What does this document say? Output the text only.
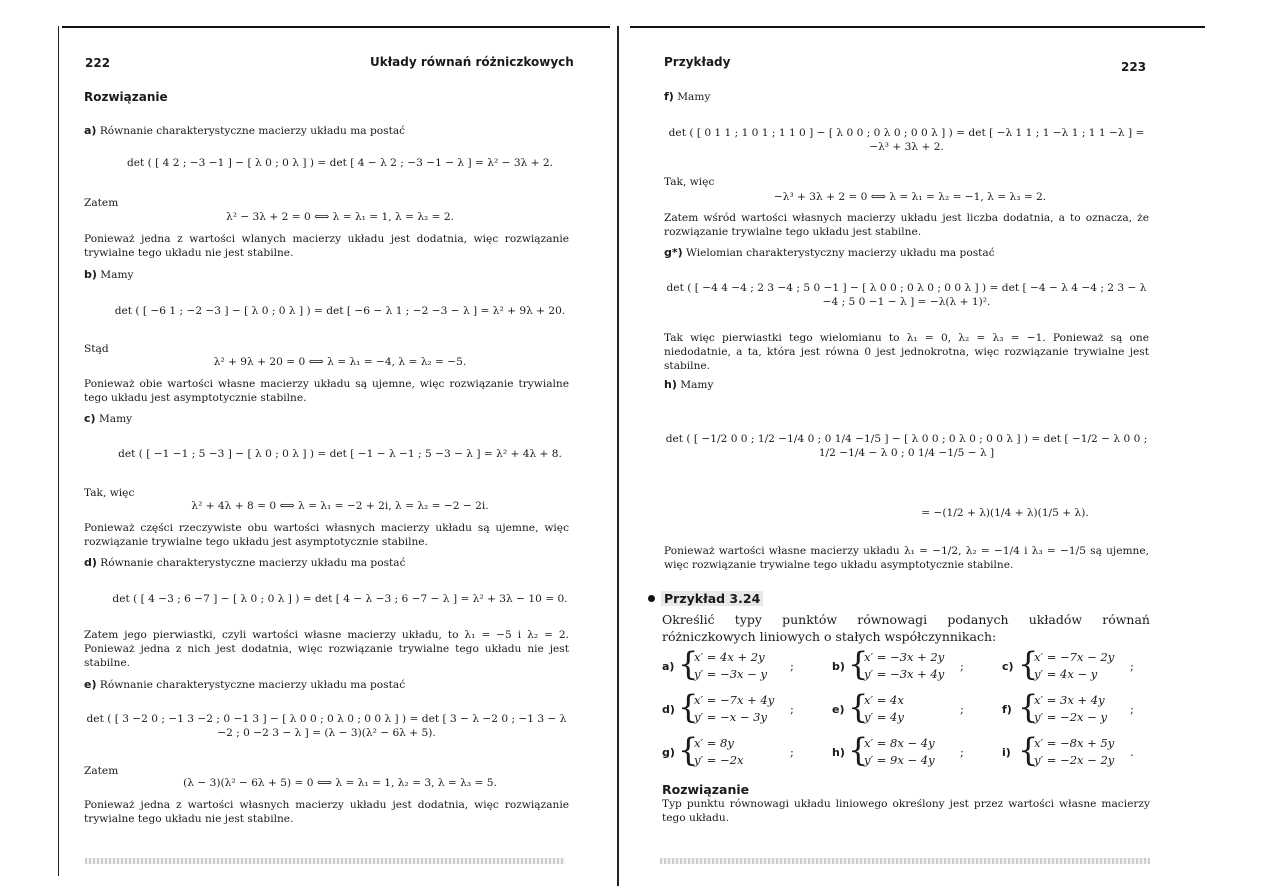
222	Układy równań różniczkowych
Rozwiązanie
a) Równanie charakterystyczne macierzy układu ma postać
det ( [ 4 2 ; −3 −1 ] − [ λ 0 ; 0 λ ] ) = det [ 4 − λ 2 ; −3 −1 − λ ] = λ² − 3λ + 2.
Zatem
λ² − 3λ + 2 = 0 ⟺ λ = λ₁ = 1, λ = λ₂ = 2.
Ponieważ jedna z wartości wlanych macierzy układu jest dodatnia, więc rozwiązanie trywialne tego układu nie jest stabilne.
b) Mamy
det ( [ −6 1 ; −2 −3 ] − [ λ 0 ; 0 λ ] ) = det [ −6 − λ 1 ; −2 −3 − λ ] = λ² + 9λ + 20.
Stąd
λ² + 9λ + 20 = 0 ⟺ λ = λ₁ = −4, λ = λ₂ = −5.
Ponieważ obie wartości własne macierzy układu są ujemne, więc rozwiązanie trywialne tego układu jest asymptotycznie stabilne.
c) Mamy
det ( [ −1 −1 ; 5 −3 ] − [ λ 0 ; 0 λ ] ) = det [ −1 − λ −1 ; 5 −3 − λ ] = λ² + 4λ + 8.
Tak, więc
λ² + 4λ + 8 = 0 ⟺ λ = λ₁ = −2 + 2i, λ = λ₂ = −2 − 2i.
Ponieważ części rzeczywiste obu wartości własnych macierzy układu są ujemne, więc rozwiązanie trywialne tego układu jest asymptotycznie stabilne.
d) Równanie charakterystyczne macierzy układu ma postać
det ( [ 4 −3 ; 6 −7 ] − [ λ 0 ; 0 λ ] ) = det [ 4 − λ −3 ; 6 −7 − λ ] = λ² + 3λ − 10 = 0.
Zatem jego pierwiastki, czyli wartości własne macierzy układu, to λ₁ = −5 i λ₂ = 2. Ponieważ jedna z nich jest dodatnia, więc rozwiązanie trywialne tego układu nie jest stabilne.
e) Równanie charakterystyczne macierzy układu ma postać
det ( [ 3 −2 0 ; −1 3 −2 ; 0 −1 3 ] − [ λ 0 0 ; 0 λ 0 ; 0 0 λ ] ) = det [ 3 − λ −2 0 ; −1 3 − λ −2 ; 0 −2 3 − λ ] = (λ − 3)(λ² − 6λ + 5).
Zatem
(λ − 3)(λ² − 6λ + 5) = 0 ⟺ λ = λ₁ = 1, λ₂ = 3, λ = λ₃ = 5.
Ponieważ jedna z wartości własnych macierzy układu jest dodatnia, więc rozwiązanie trywialne tego układu nie jest stabilne.
Przykłady	223
f) Mamy
det ( [ 0 1 1 ; 1 0 1 ; 1 1 0 ] − [ λ 0 0 ; 0 λ 0 ; 0 0 λ ] ) = det [ −λ 1 1 ; 1 −λ 1 ; 1 1 −λ ] = −λ³ + 3λ + 2.
Tak, więc
−λ³ + 3λ + 2 = 0 ⟺ λ = λ₁ = λ₂ = −1, λ = λ₃ = 2.
Zatem wśród wartości własnych macierzy układu jest liczba dodatnia, a to oznacza, że rozwiązanie trywialne tego układu jest stabilne.
g*) Wielomian charakterystyczny macierzy układu ma postać
det ( [ −4 4 −4 ; 2 3 −4 ; 5 0 −1 ] − [ λ 0 0 ; 0 λ 0 ; 0 0 λ ] ) = det [ −4 − λ 4 −4 ; 2 3 − λ −4 ; 5 0 −1 − λ ] = −λ(λ + 1)².
Tak więc pierwiastki tego wielomianu to λ₁ = 0, λ₂ = λ₃ = −1. Ponieważ są one niedodatnie, a ta, która jest równa 0 jest jednokrotna, więc rozwiązanie trywialne jest stabilne.
h) Mamy
det ( [ −1/2 0 0 ; 1/2 −1/4 0 ; 0 1/4 −1/5 ] − [ λ 0 0 ; 0 λ 0 ; 0 0 λ ] ) = det [ −1/2 − λ 0 0 ; 1/2 −1/4 − λ 0 ; 0 1/4 −1/5 − λ ]
= −(1/2 + λ)(1/4 + λ)(1/5 + λ).
Ponieważ wartości własne macierzy układu λ₁ = −1/2, λ₂ = −1/4 i λ₃ = −1/5 są ujemne, więc rozwiązanie trywialne tego układu asymptotycznie stabilne.
Przykład 3.24
Określić typy punktów równowagi podanych układów równań różniczkowych liniowych o stałych współczynnikach:
a) {
x′ = 4x + 2y
y′ = −3x − y
;	b) {
x′ = −3x + 2y
y′ = −3x + 4y
;	c) {
x′ = −7x − 2y
y′ = 4x − y
;
d) {
x′ = −7x + 4y
y′ = −x − 3y
;	e) {
x′ = 4x
y′ = 4y
;	f) {
x′ = 3x + 4y
y′ = −2x − y
;
g) {
x′ = 8y
y′ = −2x
;	h) {
x′ = 8x − 4y
y′ = 9x − 4y
;	i) {
x′ = −8x + 5y
y′ = −2x − 2y
.
Rozwiązanie
Typ punktu równowagi układu liniowego określony jest przez wartości własne macierzy tego układu.
